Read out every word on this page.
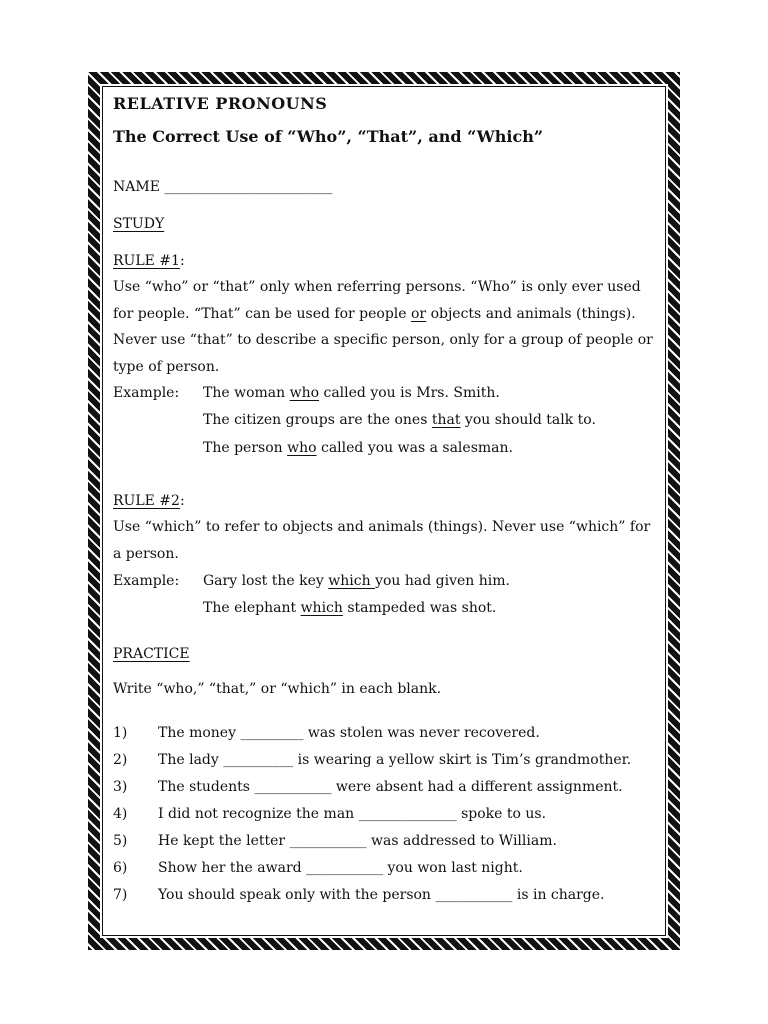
RELATIVE PRONOUNS
The Correct Use of “Who”, “That”, and “Which”
NAME ________________________
STUDY
RULE #1:
Use “who” or “that” only when referring persons. “Who” is only ever used
for people. “That” can be used for people or objects and animals (things).
Never use “that” to describe a specific person, only for a group of people or
type of person.
Example: The woman who called you is Mrs. Smith.
The citizen groups are the ones that you should talk to.
The person who called you was a salesman.
RULE #2:
Use “which” to refer to objects and animals (things). Never use “which” for
a person.
Example: Gary lost the key which you had given him.
The elephant which stampeded was shot.
PRACTICE
Write “who,” “that,” or “which” in each blank.
1) The money _________ was stolen was never recovered.
2) The lady __________ is wearing a yellow skirt is Tim’s grandmother.
3) The students ___________ were absent had a different assignment.
4) I did not recognize the man ______________ spoke to us.
5) He kept the letter ___________ was addressed to William.
6) Show her the award ___________ you won last night.
7) You should speak only with the person ___________ is in charge.
